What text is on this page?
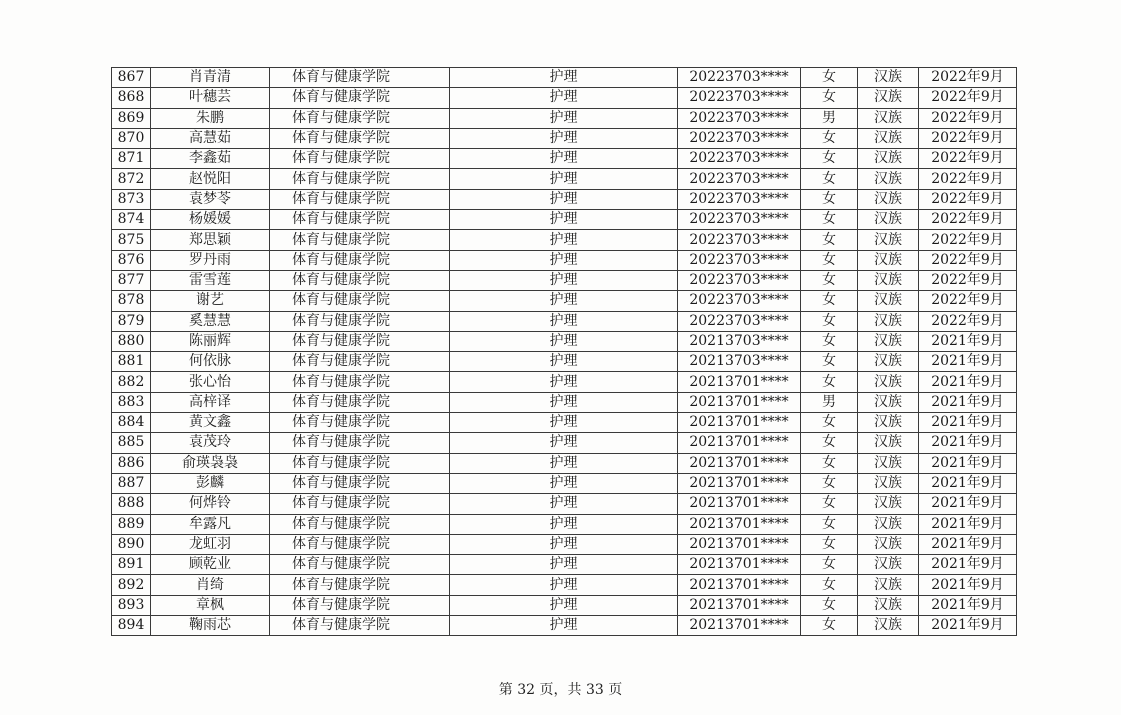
867	肖青清	体育与健康学院	护理	20223703****	女	汉族	2022年9月
868	叶穗芸	体育与健康学院	护理	20223703****	女	汉族	2022年9月
869	朱鹏	体育与健康学院	护理	20223703****	男	汉族	2022年9月
870	高慧茹	体育与健康学院	护理	20223703****	女	汉族	2022年9月
871	李鑫茹	体育与健康学院	护理	20223703****	女	汉族	2022年9月
872	赵悦阳	体育与健康学院	护理	20223703****	女	汉族	2022年9月
873	袁梦苓	体育与健康学院	护理	20223703****	女	汉族	2022年9月
874	杨媛媛	体育与健康学院	护理	20223703****	女	汉族	2022年9月
875	郑思颖	体育与健康学院	护理	20223703****	女	汉族	2022年9月
876	罗丹雨	体育与健康学院	护理	20223703****	女	汉族	2022年9月
877	雷雪莲	体育与健康学院	护理	20223703****	女	汉族	2022年9月
878	谢艺	体育与健康学院	护理	20223703****	女	汉族	2022年9月
879	奚慧慧	体育与健康学院	护理	20223703****	女	汉族	2022年9月
880	陈丽辉	体育与健康学院	护理	20213703****	女	汉族	2021年9月
881	何依脉	体育与健康学院	护理	20213703****	女	汉族	2021年9月
882	张心怡	体育与健康学院	护理	20213701****	女	汉族	2021年9月
883	高梓译	体育与健康学院	护理	20213701****	男	汉族	2021年9月
884	黄文鑫	体育与健康学院	护理	20213701****	女	汉族	2021年9月
885	袁茂玲	体育与健康学院	护理	20213701****	女	汉族	2021年9月
886	俞瑛袅袅	体育与健康学院	护理	20213701****	女	汉族	2021年9月
887	彭麟	体育与健康学院	护理	20213701****	女	汉族	2021年9月
888	何烨铃	体育与健康学院	护理	20213701****	女	汉族	2021年9月
889	牟露凡	体育与健康学院	护理	20213701****	女	汉族	2021年9月
890	龙虹羽	体育与健康学院	护理	20213701****	女	汉族	2021年9月
891	顾乾业	体育与健康学院	护理	20213701****	女	汉族	2021年9月
892	肖绮	体育与健康学院	护理	20213701****	女	汉族	2021年9月
893	章枫	体育与健康学院	护理	20213701****	女	汉族	2021年9月
894	鞠雨芯	体育与健康学院	护理	20213701****	女	汉族	2021年9月
第 32 页，共 33 页
